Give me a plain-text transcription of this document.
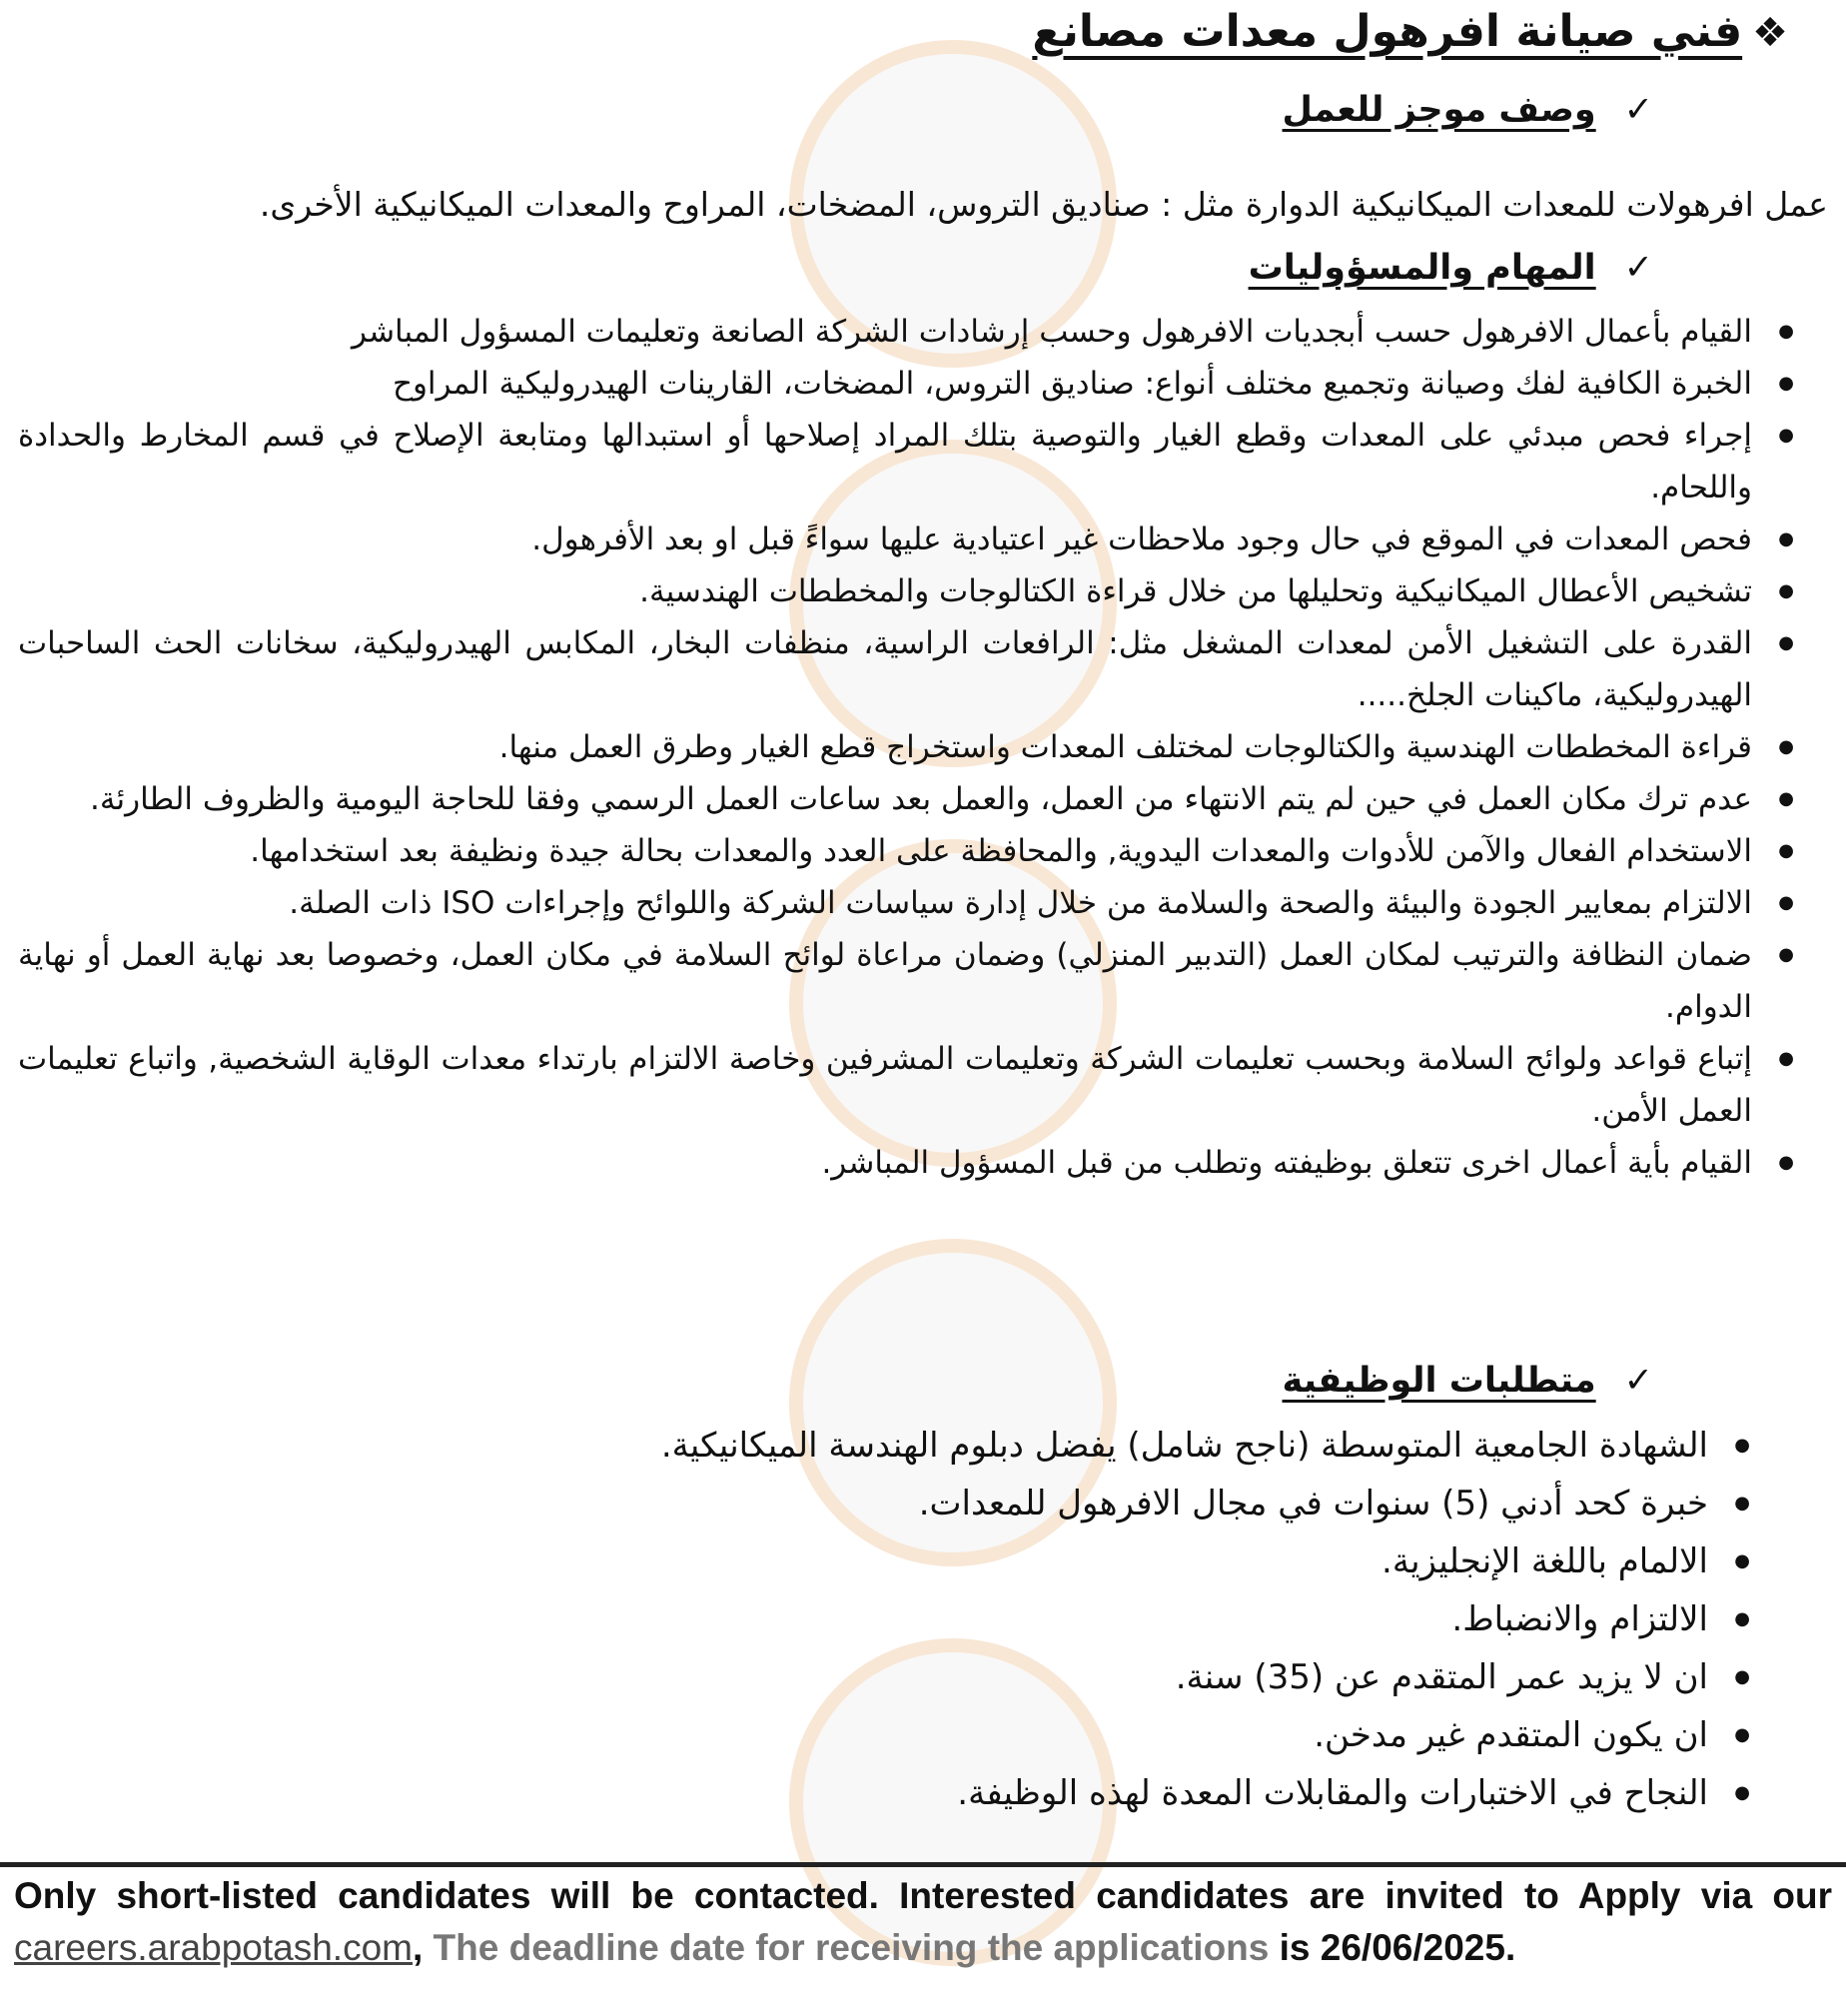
❖فني صيانة افرهول معدات مصانع
✓وصف موجز للعمل
عمل افرهولات للمعدات الميكانيكية الدوارة مثل : صناديق التروس، المضخات، المراوح والمعدات الميكانيكية الأخرى.
✓المهام والمسؤوليات
● القيام بأعمال الافرهول حسب أبجديات الافرهول وحسب إرشادات الشركة الصانعة وتعليمات المسؤول المباشر
● الخبرة الكافية لفك وصيانة وتجميع مختلف أنواع: صناديق التروس، المضخات، القارينات الهيدروليكية المراوح
● إجراء فحص مبدئي على المعدات وقطع الغيار والتوصية بتلك المراد إصلاحها أو استبدالها ومتابعة الإصلاح في قسم المخارط والحدادة واللحام.
● فحص المعدات في الموقع في حال وجود ملاحظات غير اعتيادية عليها سواءً قبل او بعد الأفرهول.
● تشخيص الأعطال الميكانيكية وتحليلها من خلال قراءة الكتالوجات والمخططات الهندسية.
● القدرة على التشغيل الأمن لمعدات المشغل مثل: الرافعات الراسية، منظفات البخار، المكابس الهيدروليكية، سخانات الحث الساحبات الهيدروليكية، ماكينات الجلخ.....
● قراءة المخططات الهندسية والكتالوجات لمختلف المعدات واستخراج قطع الغيار وطرق العمل منها.
● عدم ترك مكان العمل في حين لم يتم الانتهاء من العمل، والعمل بعد ساعات العمل الرسمي وفقا للحاجة اليومية والظروف الطارئة.
● الاستخدام الفعال والآمن للأدوات والمعدات اليدوية, والمحافظة على العدد والمعدات بحالة جيدة ونظيفة بعد استخدامها.
● الالتزام بمعايير الجودة والبيئة والصحة والسلامة من خلال إدارة سياسات الشركة واللوائح وإجراءات ISO ذات الصلة.
● ضمان النظافة والترتيب لمكان العمل (التدبير المنزلي) وضمان مراعاة لوائح السلامة في مكان العمل، وخصوصا بعد نهاية العمل أو نهاية الدوام.
● إتباع قواعد ولوائح السلامة وبحسب تعليمات الشركة وتعليمات المشرفين وخاصة الالتزام بارتداء معدات الوقاية الشخصية, واتباع تعليمات العمل الأمن.
● القيام بأية أعمال اخرى تتعلق بوظيفته وتطلب من قبل المسؤول المباشر.
✓متطلبات الوظيفية
● الشهادة الجامعية المتوسطة (ناجح شامل) يفضل دبلوم الهندسة الميكانيكية.
● خبرة كحد أدني (5) سنوات في مجال الافرهول للمعدات.
● الالمام باللغة الإنجليزية.
● الالتزام والانضباط.
● ان لا يزيد عمر المتقدم عن (35) سنة.
● ان يكون المتقدم غير مدخن.
● النجاح في الاختبارات والمقابلات المعدة لهذه الوظيفة.
Only short-listed candidates will be contacted. Interested candidates are invited to Apply via our careers.arabpotash.com, The deadline date for receiving the applications is 26/06/2025.
